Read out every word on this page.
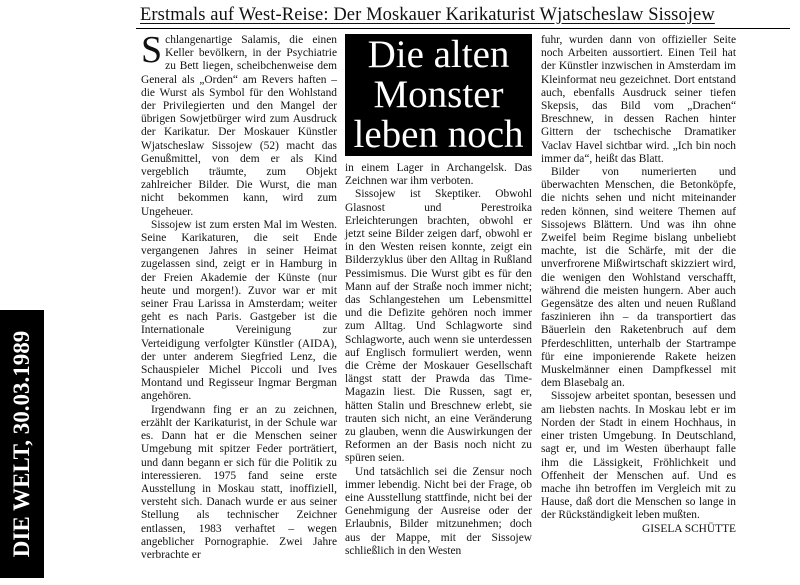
Erstmals auf West-Reise: Der Moskauer Karikaturist Wjatscheslaw Sissojew
DIE WELT, 30.03.1989

Schlangenartige Salamis, die einen Keller bevölkern, in der Psychiatrie zu Bett liegen, scheibchenweise dem General als „Orden“ am Revers haften – die Wurst als Symbol für den Wohlstand der Privilegierten und den Mangel der übrigen Sowjetbürger wird zum Ausdruck der Karikatur. Der Moskauer Künstler Wjatscheslaw Sissojew (52) macht das Genußmittel, von dem er als Kind vergeblich träumte, zum Objekt zahlreicher Bilder. Die Wurst, die man nicht bekommen kann, wird zum Ungeheuer.

Sissojew ist zum ersten Mal im Westen. Seine Karikaturen, die seit Ende vergangenen Jahres in seiner Heimat zugelassen sind, zeigt er in Hamburg in der Freien Akademie der Künste (nur heute und morgen!). Zuvor war er mit seiner Frau Larissa in Amsterdam; weiter geht es nach Paris. Gastgeber ist die Internationale Vereinigung zur Verteidigung verfolgter Künstler (AIDA), der unter anderem Siegfried Lenz, die Schauspieler Michel Piccoli und Ives Montand und Regisseur Ingmar Bergman angehören.

Irgendwann fing er an zu zeichnen, erzählt der Karikaturist, in der Schule war es. Dann hat er die Menschen seiner Umgebung mit spitzer Feder porträtiert, und dann begann er sich für die Politik zu interessieren. 1975 fand seine erste Ausstellung in Moskau statt, inoffiziell, versteht sich. Danach wurde er aus seiner Stellung als technischer Zeichner entlassen, 1983 verhaftet – wegen angeblicher Pornographie. Zwei Jahre verbrachte er

Die alten
Monster
leben noch

in einem Lager in Archangelsk. Das Zeichnen war ihm verboten.

Sissojew ist Skeptiker. Obwohl Glasnost und Perestroika Erleichterungen brachten, obwohl er jetzt seine Bilder zeigen darf, obwohl er in den Westen reisen konnte, zeigt ein Bilderzyklus über den Alltag in Rußland Pessimismus. Die Wurst gibt es für den Mann auf der Straße noch immer nicht; das Schlangestehen um Lebensmittel und die Defizite gehören noch immer zum Alltag. Und Schlagworte sind Schlagworte, auch wenn sie unterdessen auf Englisch formuliert werden, wenn die Crème der Moskauer Gesellschaft längst statt der Prawda das Time-Magazin liest. Die Russen, sagt er, hätten Stalin und Breschnew erlebt, sie trauten sich nicht, an eine Veränderung zu glauben, wenn die Auswirkungen der Reformen an der Basis noch nicht zu spüren seien.

Und tatsächlich sei die Zensur noch immer lebendig. Nicht bei der Frage, ob eine Ausstellung stattfinde, nicht bei der Genehmigung der Ausreise oder der Erlaubnis, Bilder mitzunehmen; doch aus der Mappe, mit der Sissojew schließlich in den Westen

fuhr, wurden dann von offizieller Seite noch Arbeiten aussortiert. Einen Teil hat der Künstler inzwischen in Amsterdam im Kleinformat neu gezeichnet. Dort entstand auch, ebenfalls Ausdruck seiner tiefen Skepsis, das Bild vom „Drachen“ Breschnew, in dessen Rachen hinter Gittern der tschechische Dramatiker Vaclav Havel sichtbar wird. „Ich bin noch immer da“, heißt das Blatt.

Bilder von numerierten und überwachten Menschen, die Betonköpfe, die nichts sehen und nicht miteinander reden können, sind weitere Themen auf Sissojews Blättern. Und was ihn ohne Zweifel beim Regime bislang unbeliebt machte, ist die Schärfe, mit der die unverfrorene Mißwirtschaft skizziert wird, die wenigen den Wohlstand verschafft, während die meisten hungern. Aber auch Gegensätze des alten und neuen Rußland faszinieren ihn – da transportiert das Bäuerlein den Raketenbruch auf dem Pferdeschlitten, unterhalb der Startrampe für eine imponierende Rakete heizen Muskelmänner einen Dampfkessel mit dem Blasebalg an.

Sissojew arbeitet spontan, besessen und am liebsten nachts. In Moskau lebt er im Norden der Stadt in einem Hochhaus, in einer tristen Umgebung. In Deutschland, sagt er, und im Westen überhaupt falle ihm die Lässigkeit, Fröhlichkeit und Offenheit der Menschen auf. Und es mache ihn betroffen im Vergleich mit zu Hause, daß dort die Menschen so lange in der Rückständigkeit leben mußten.

GISELA SCHÜTTE
